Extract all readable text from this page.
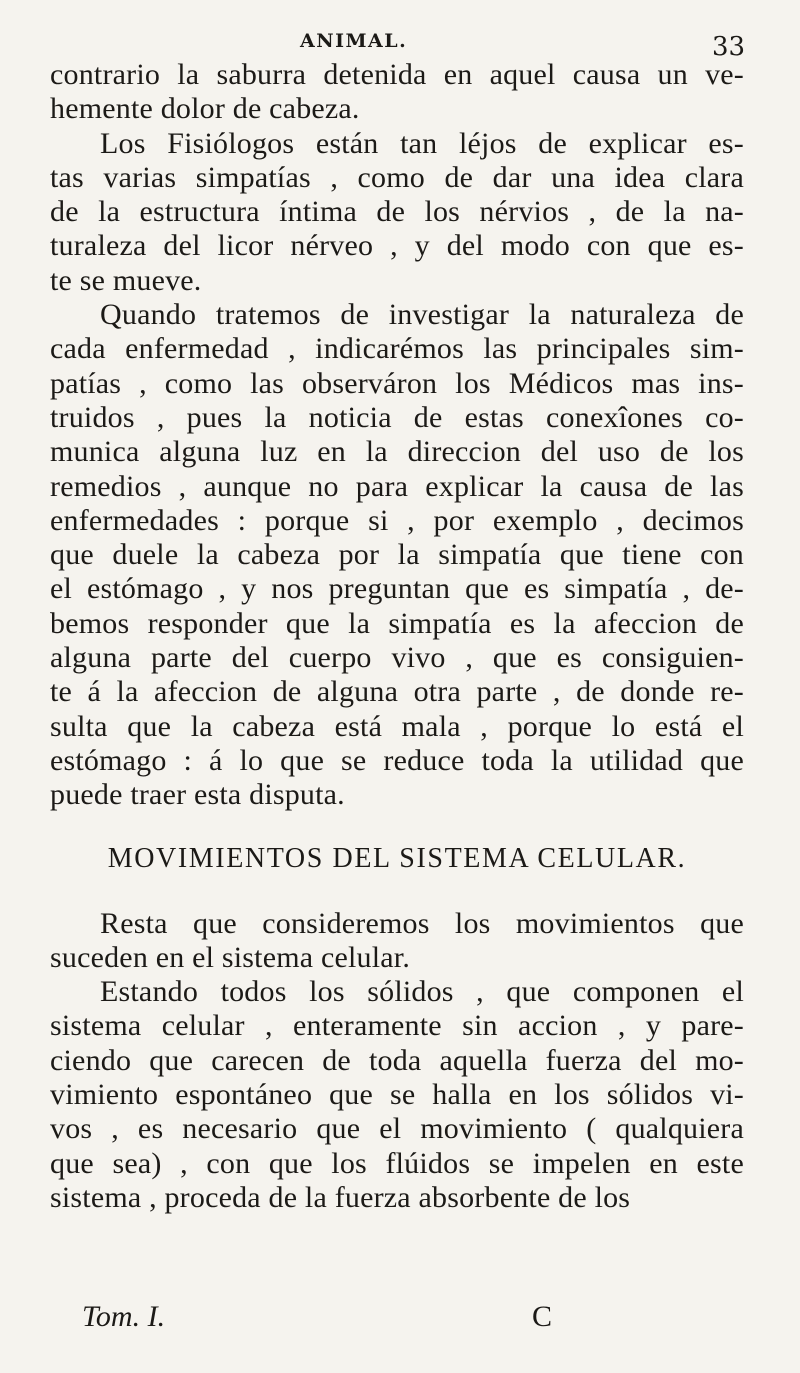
ANIMAL.	33
contrario la saburra detenida en aquel causa un ve-
hemente dolor de cabeza.
Los Fisiólogos están tan léjos de explicar es-
tas varias simpatías , como de dar una idea clara
de la estructura íntima de los nérvios , de la na-
turaleza del licor nérveo , y del modo con que es-
te se mueve.
Quando tratemos de investigar la naturaleza de
cada enfermedad , indicarémos las principales sim-
patías , como las observáron los Médicos mas ins-
truidos , pues la noticia de estas conexîones co-
munica alguna luz en la direccion del uso de los
remedios , aunque no para explicar la causa de las
enfermedades : porque si , por exemplo , decimos
que duele la cabeza por la simpatía que tiene con
el estómago , y nos preguntan que es simpatía , de-
bemos responder que la simpatía es la afeccion de
alguna parte del cuerpo vivo , que es consiguien-
te á la afeccion de alguna otra parte , de donde re-
sulta que la cabeza está mala , porque lo está el
estómago : á lo que se reduce toda la utilidad que
puede traer esta disputa.
MOVIMIENTOS DEL SISTEMA CELULAR.
Resta que consideremos los movimientos que
suceden en el sistema celular.
Estando todos los sólidos , que componen el
sistema celular , enteramente sin accion , y pare-
ciendo que carecen de toda aquella fuerza del mo-
vimiento espontáneo que se halla en los sólidos vi-
vos , es necesario que el movimiento ( qualquiera
que sea) , con que los flúidos se impelen en este
sistema , proceda de la fuerza absorbente de los
Tom. I.	C
